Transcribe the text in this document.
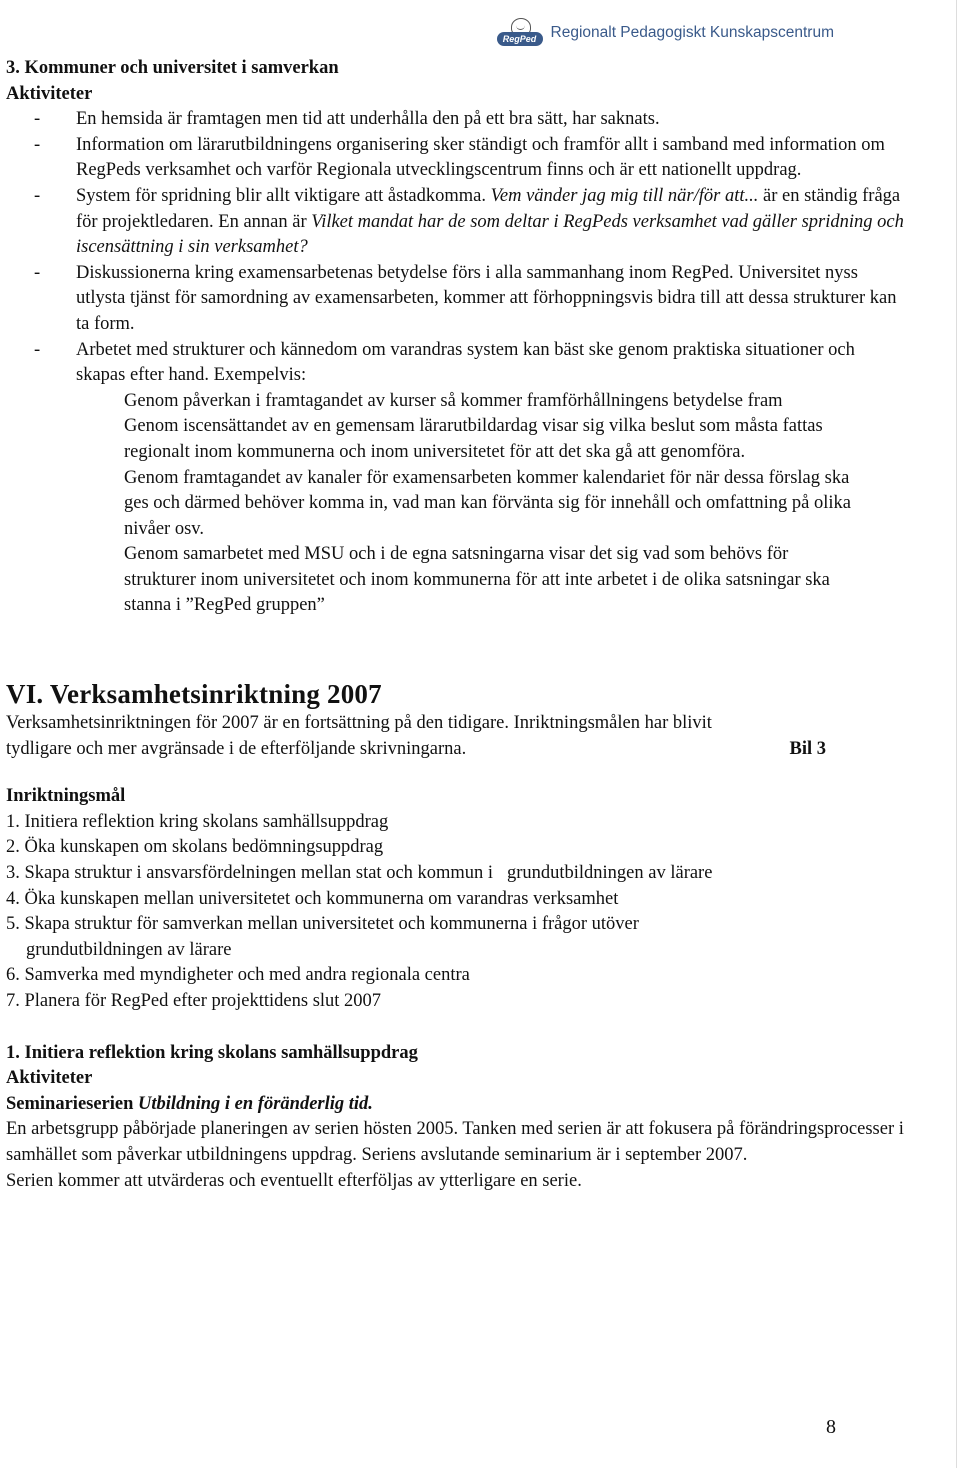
RegPed Regionalt Pedagogiskt Kunskapscentrum

3. Kommuner och universitet i samverkan

Aktiviteter

-	En hemsida är framtagen men tid att underhålla den på ett bra sätt, har saknats.
-	Information om lärarutbildningens organisering sker ständigt och framför allt i samband med information om RegPeds verksamhet och varför Regionala utvecklingscentrum finns och är ett nationellt uppdrag.
-	System för spridning blir allt viktigare att åstadkomma. Vem vänder jag mig till när/för att... är en ständig fråga för projektledaren. En annan är Vilket mandat har de som deltar i RegPeds verksamhet vad gäller spridning och iscensättning i sin verksamhet?
-	Diskussionerna kring examensarbetenas betydelse förs i alla sammanhang inom RegPed. Universitet nyss utlysta tjänst för samordning av examensarbeten, kommer att förhoppningsvis bidra till att dessa strukturer kan ta form.
-	Arbetet med strukturer och kännedom om varandras system kan bäst ske genom praktiska situationer och skapas efter hand. Exempelvis:

Genom påverkan i framtagandet av kurser så kommer framförhållningens betydelse fram

Genom iscensättandet av en gemensam lärarutbildardag visar sig vilka beslut som måsta fattas regionalt inom kommunerna och inom universitetet för att det ska gå att genomföra.

Genom framtagandet av kanaler för examensarbeten kommer kalendariet för när dessa förslag ska ges och därmed behöver komma in, vad man kan förvänta sig för innehåll och omfattning på olika nivåer osv.

Genom samarbetet med MSU och i de egna satsningarna visar det sig vad som behövs för strukturer inom universitetet och inom kommunerna för att inte arbetet i de olika satsningar ska stanna i ”RegPed gruppen”

VI. Verksamhetsinriktning 2007

Verksamhetsinriktningen för 2007 är en fortsättning på den tidigare. Inriktningsmålen har blivit

tydligare och mer avgränsade i de efterföljande skrivningarna.	Bil 3

Inriktningsmål

1. Initiera reflektion kring skolans samhällsuppdrag

2. Öka kunskapen om skolans bedömningsuppdrag

3. Skapa struktur i ansvarsfördelningen mellan stat och kommun i   grundutbildningen av lärare

4. Öka kunskapen mellan universitetet och kommunerna om varandras verksamhet

5. Skapa struktur för samverkan mellan universitetet och kommunerna i frågor utöver

grundutbildningen av lärare

6. Samverka med myndigheter och med andra regionala centra

7. Planera för RegPed efter projekttidens slut 2007

1. Initiera reflektion kring skolans samhällsuppdrag

Aktiviteter

Seminarieserien Utbildning i en föränderlig tid.

En arbetsgrupp påbörjade planeringen av serien hösten 2005. Tanken med serien är att fokusera på förändringsprocesser i samhället som påverkar utbildningens uppdrag. Seriens avslutande seminarium är i september 2007.

Serien kommer att utvärderas och eventuellt efterföljas av ytterligare en serie.

8
